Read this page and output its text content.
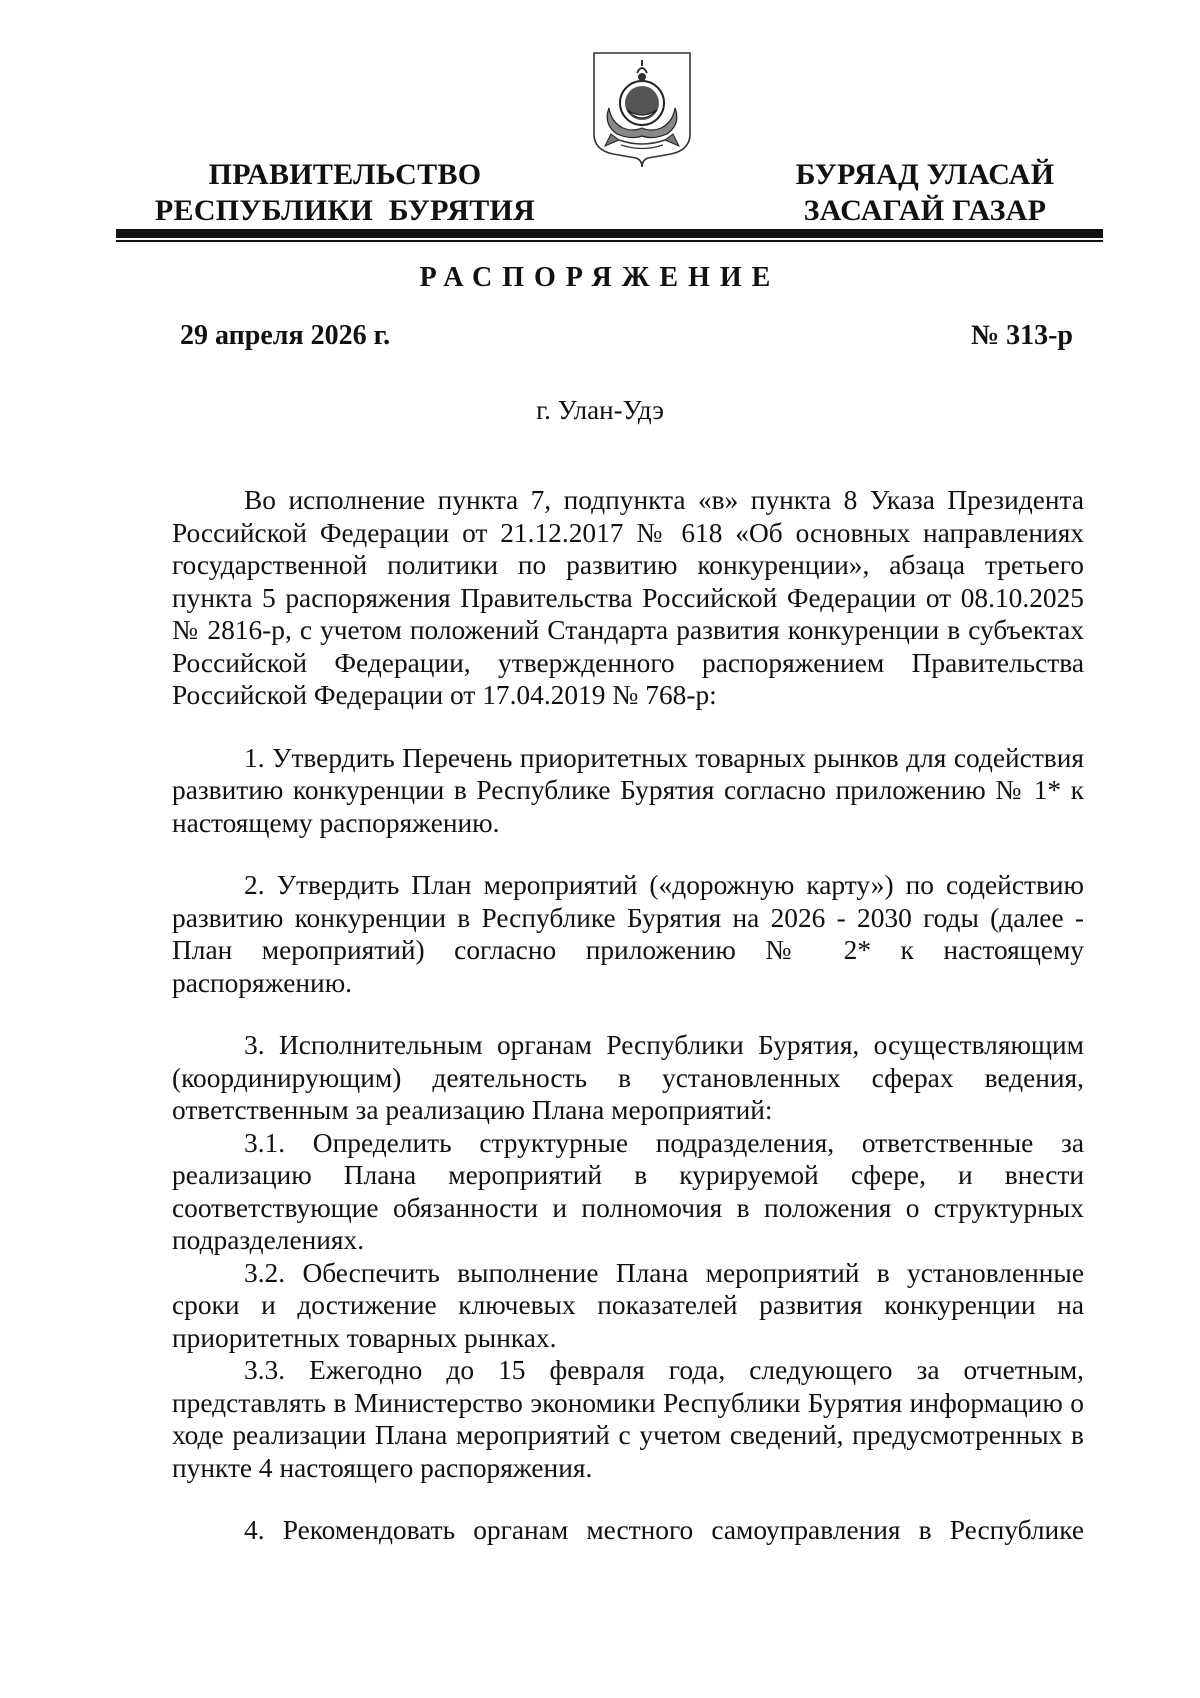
ПРАВИТЕЛЬСТВО
РЕСПУБЛИКИ  БУРЯТИЯ
БУРЯАД УЛАСАЙ
ЗАСАГАЙ ГАЗАР
РАСПОРЯЖЕНИЕ
29 апреля 2026 г.	№ 313-р
г. Улан-Удэ

Во исполнение пункта 7, подпункта «в» пункта 8 Указа Президента Российской Федерации от 21.12.2017 № 618 «Об основных направлениях государственной политики по развитию конкуренции», абзаца третьего пункта 5 распоряжения Правительства Российской Федерации от 08.10.2025 № 2816-р, с учетом положений Стандарта развития конкуренции в субъектах Российской Федерации, утвержденного распоряжением Правительства Российской Федерации от 17.04.2019 № 768-р:

1. Утвердить Перечень приоритетных товарных рынков для содействия развитию конкуренции в Республике Бурятия согласно приложению № 1* к настоящему распоряжению.

2. Утвердить План мероприятий («дорожную карту») по содействию развитию конкуренции в Республике Бурятия на 2026 - 2030 годы (далее - План мероприятий) согласно приложению № 2* к настоящему распоряжению.

3. Исполнительным органам Республики Бурятия, осуществляющим (координирующим) деятельность в установленных сферах ведения, ответственным за реализацию Плана мероприятий:

3.1. Определить структурные подразделения, ответственные за реализацию Плана мероприятий в курируемой сфере, и внести соответствующие обязанности и полномочия в положения о структурных подразделениях.

3.2. Обеспечить выполнение Плана мероприятий в установленные сроки и достижение ключевых показателей развития конкуренции на приоритетных товарных рынках.

3.3. Ежегодно до 15 февраля года, следующего за отчетным, представлять в Министерство экономики Республики Бурятия информацию о ходе реализации Плана мероприятий с учетом сведений, предусмотренных в пункте 4 настоящего распоряжения.

4. Рекомендовать органам местного самоуправления в Республике
